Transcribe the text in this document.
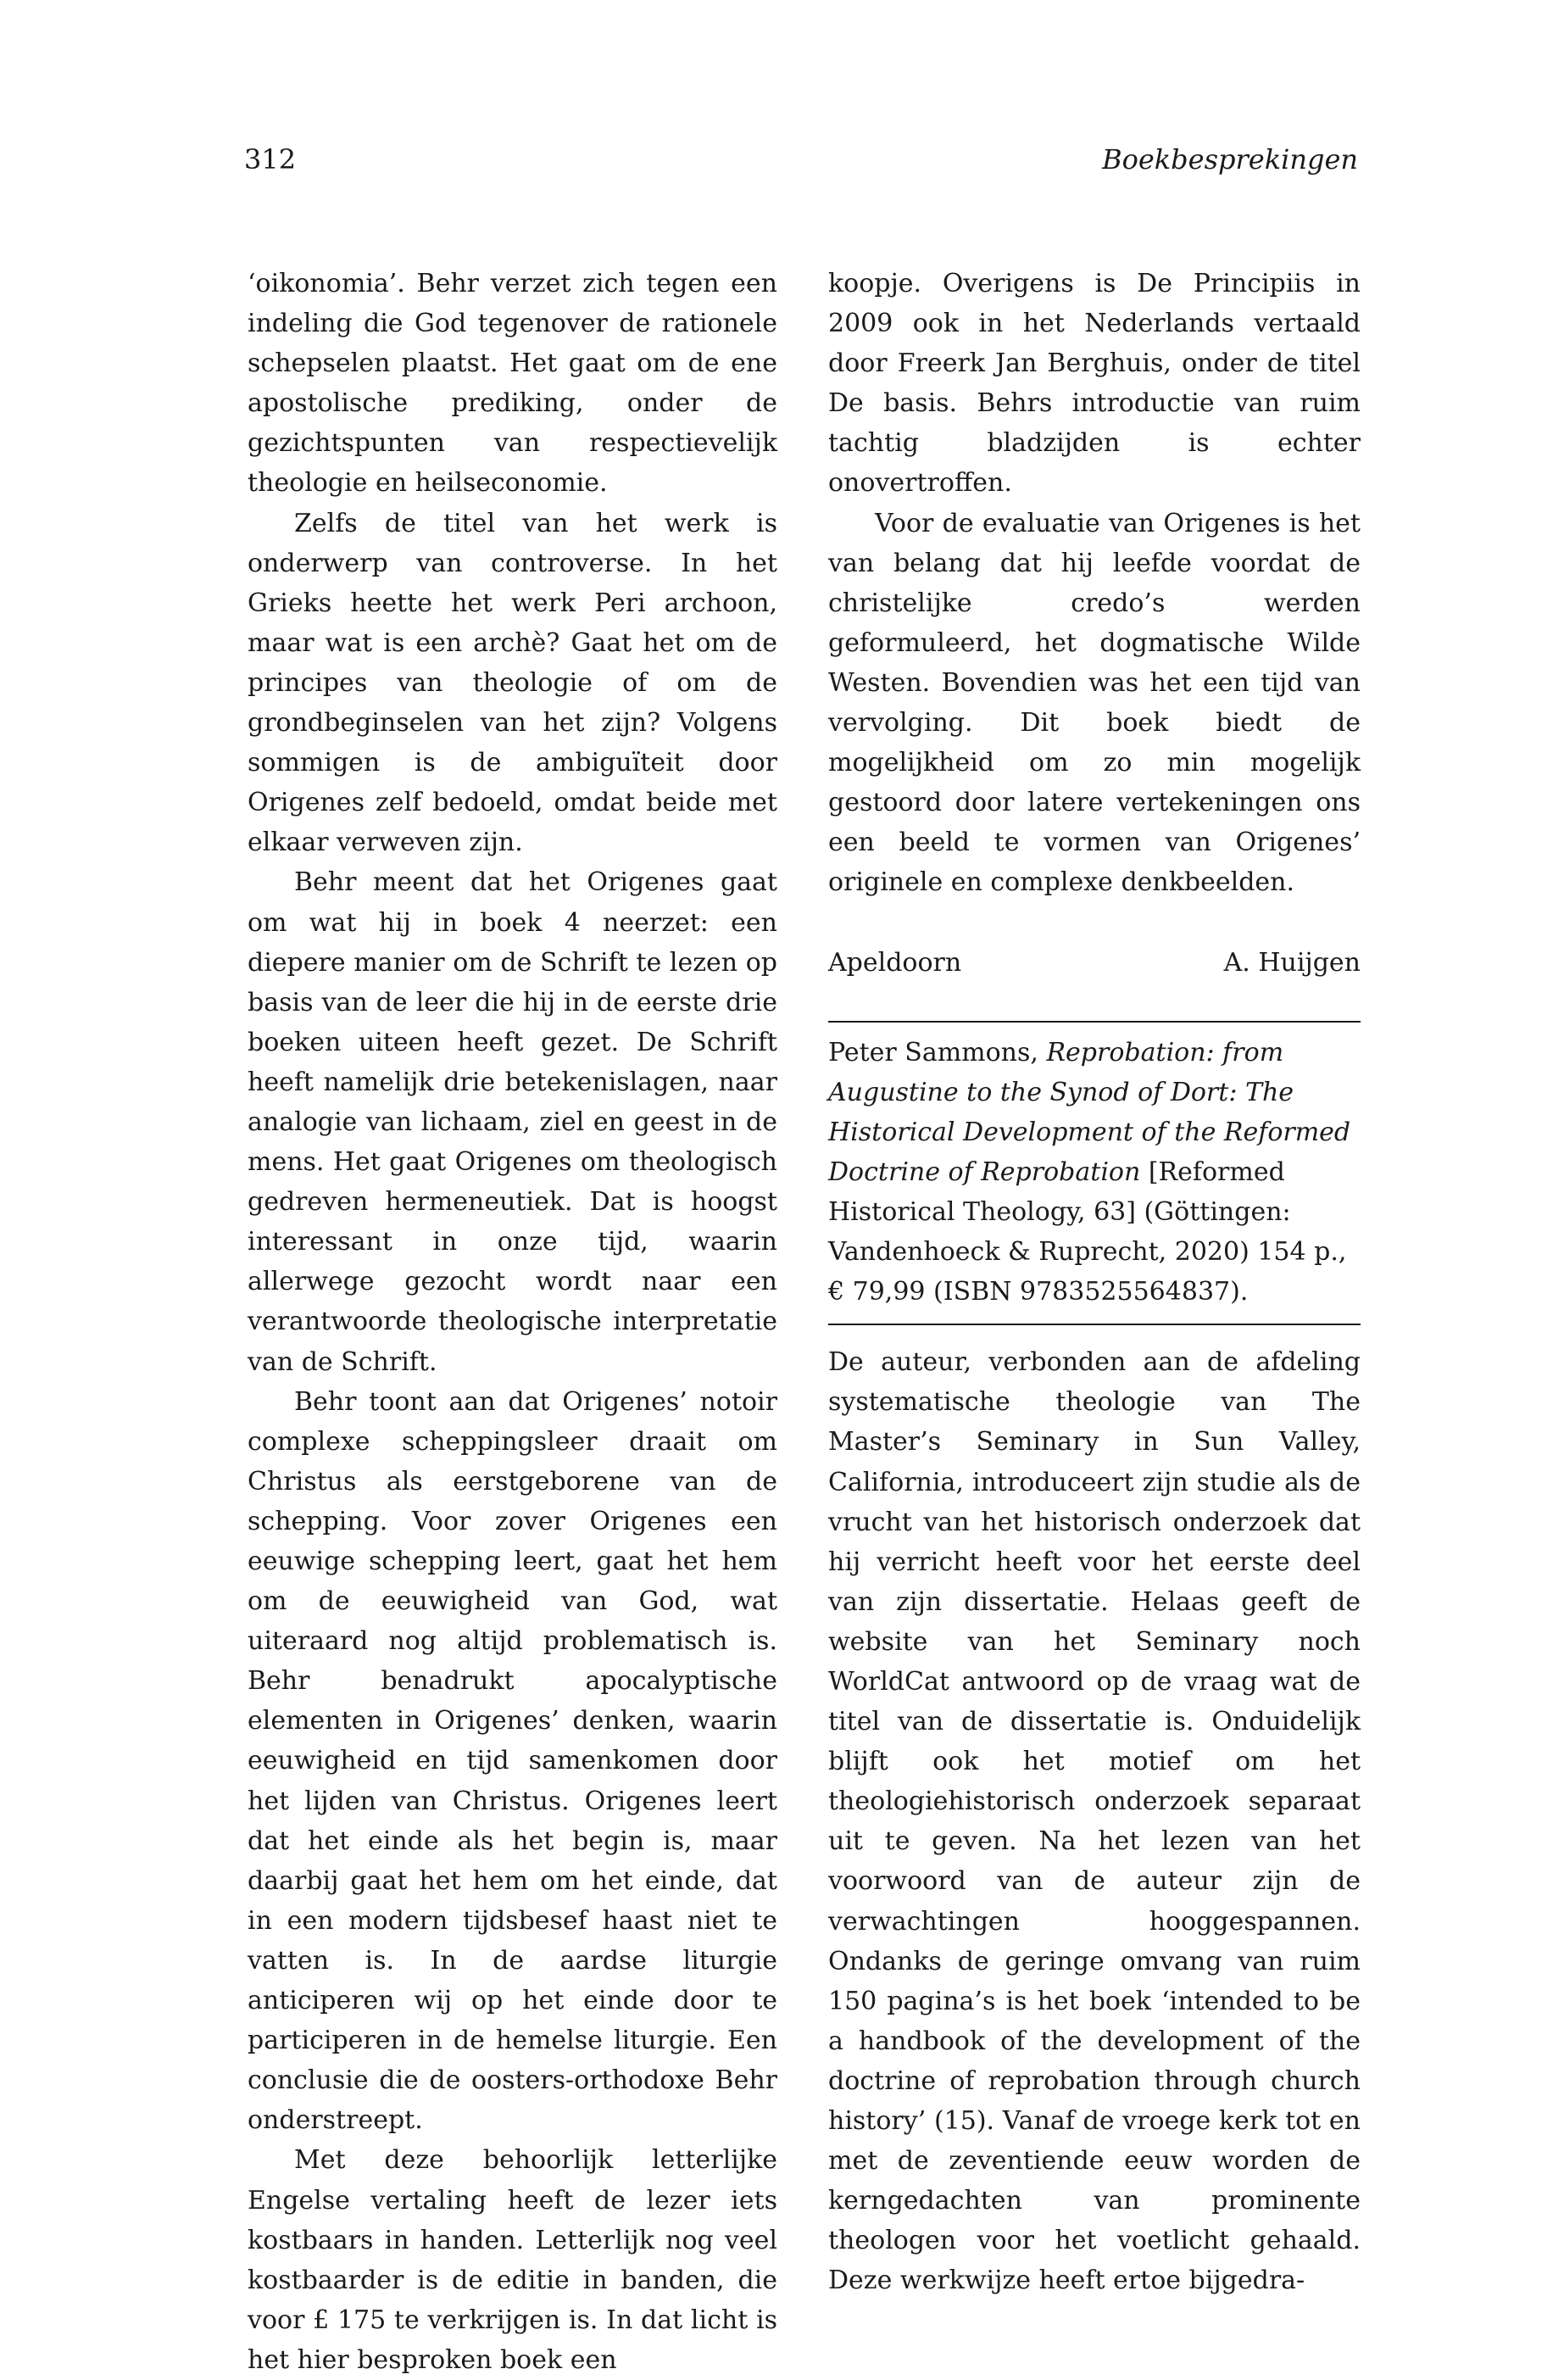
312	Boekbesprekingen

‘oikonomia’. Behr verzet zich tegen een indeling die God tegenover de rationele schepselen plaatst. Het gaat om de ene apostolische prediking, onder de gezichtspunten van respectievelijk theologie en heilseconomie.

Zelfs de titel van het werk is onderwerp van controverse. In het Grieks heette het werk Peri archoon, maar wat is een archè? Gaat het om de principes van theologie of om de grondbeginselen van het zijn? Volgens sommigen is de ambiguïteit door Origenes zelf bedoeld, omdat beide met elkaar verweven zijn.

Behr meent dat het Origenes gaat om wat hij in boek 4 neerzet: een diepere manier om de Schrift te lezen op basis van de leer die hij in de eerste drie boeken uiteen heeft gezet. De Schrift heeft namelijk drie betekenislagen, naar analogie van lichaam, ziel en geest in de mens. Het gaat Origenes om theologisch gedreven hermeneutiek. Dat is hoogst interessant in onze tijd, waarin allerwege gezocht wordt naar een verantwoorde theologische interpretatie van de Schrift.

Behr toont aan dat Origenes’ notoir complexe scheppingsleer draait om Christus als eerstgeborene van de schepping. Voor zover Origenes een eeuwige schepping leert, gaat het hem om de eeuwigheid van God, wat uiteraard nog altijd problematisch is. Behr benadrukt apocalyptische elementen in Origenes’ denken, waarin eeuwigheid en tijd samenkomen door het lijden van Christus. Origenes leert dat het einde als het begin is, maar daarbij gaat het hem om het einde, dat in een modern tijdsbesef haast niet te vatten is. In de aardse liturgie anticiperen wij op het einde door te participeren in de hemelse liturgie. Een conclusie die de oosters-orthodoxe Behr onderstreept.

Met deze behoorlijk letterlijke Engelse vertaling heeft de lezer iets kostbaars in handen. Letterlijk nog veel kostbaarder is de editie in banden, die voor £ 175 te verkrijgen is. In dat licht is het hier besproken boek een

koopje. Overigens is De Principiis in 2009 ook in het Nederlands vertaald door Freerk Jan Berghuis, onder de titel De basis. Behrs introductie van ruim tachtig bladzijden is echter onovertroffen.

Voor de evaluatie van Origenes is het van belang dat hij leefde voordat de christelijke credo’s werden geformuleerd, het dogmatische Wilde Westen. Bovendien was het een tijd van vervolging. Dit boek biedt de mogelijkheid om zo min mogelijk gestoord door latere vertekeningen ons een beeld te vormen van Origenes’ originele en complexe denkbeelden.

Apeldoorn	A. Huijgen

Peter Sammons, Reprobation: from Augustine to the Synod of Dort: The Historical Development of the Reformed Doctrine of Reprobation [Reformed Historical Theology, 63] (Göttingen: Vandenhoeck & Ruprecht, 2020) 154 p., € 79,99 (ISBN 9783525564837).

De auteur, verbonden aan de afdeling systematische theologie van The Master’s Seminary in Sun Valley, California, introduceert zijn studie als de vrucht van het historisch onderzoek dat hij verricht heeft voor het eerste deel van zijn dissertatie. Helaas geeft de website van het Seminary noch WorldCat antwoord op de vraag wat de titel van de dissertatie is. Onduidelijk blijft ook het motief om het theologiehistorisch onderzoek separaat uit te geven. Na het lezen van het voorwoord van de auteur zijn de verwachtingen hooggespannen. Ondanks de geringe omvang van ruim 150 pagina’s is het boek ‘intended to be a handbook of the development of the doctrine of reprobation through church history’ (15). Vanaf de vroege kerk tot en met de zeventiende eeuw worden de kerngedachten van prominente theologen voor het voetlicht gehaald. Deze werkwijze heeft ertoe bijgedra-
